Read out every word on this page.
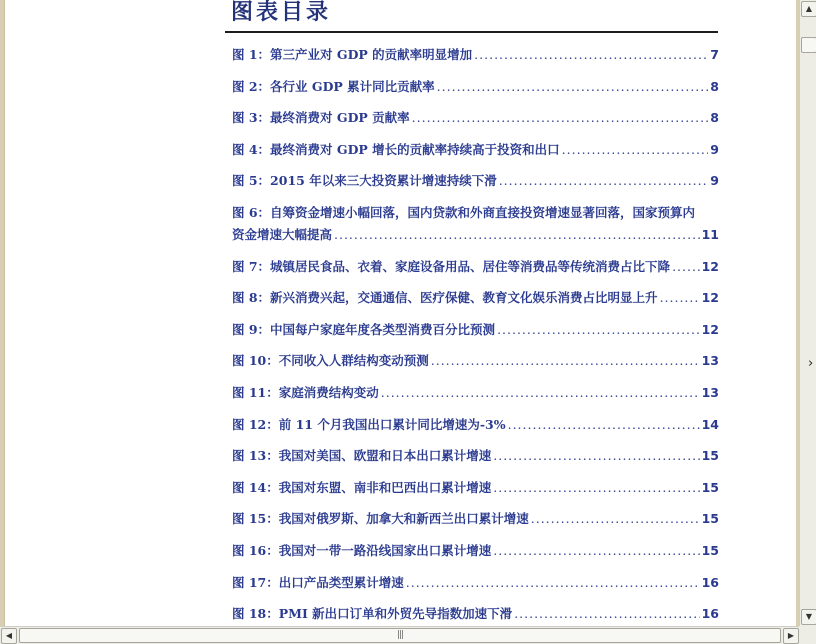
图表目录
图 1：第三产业对 GDP 的贡献率明显增加 .....	7
图 2：各行业 GDP 累计同比贡献率 .....	8
图 3：最终消费对 GDP 贡献率 .....	8
图 4：最终消费对 GDP 增长的贡献率持续高于投资和出口 .....	9
图 5：2015 年以来三大投资累计增速持续下滑 .....	9
图 6：自筹资金增速小幅回落，国内贷款和外商直接投资增速显著回落，国家预算内
资金增速大幅提高 .....	11
图 7：城镇居民食品、衣着、家庭设备用品、居住等消费品等传统消费占比下降 .....	12
图 8：新兴消费兴起，交通通信、医疗保健、教育文化娱乐消费占比明显上升 .....	12
图 9：中国每户家庭年度各类型消费百分比预测 .....	12
图 10：不同收入人群结构变动预测 .....	13
图 11：家庭消费结构变动 .....	13
图 12：前 11 个月我国出口累计同比增速为-3% .....	14
图 13：我国对美国、欧盟和日本出口累计增速 .....	15
图 14：我国对东盟、南非和巴西出口累计增速 .....	15
图 15：我国对俄罗斯、加拿大和新西兰出口累计增速 .....	15
图 16：我国对一带一路沿线国家出口累计增速 .....	15
图 17：出口产品类型累计增速 .....	16
图 18：PMI 新出口订单和外贸先导指数加速下滑 .....	16
▲
›
▼
◀	|||	▶
